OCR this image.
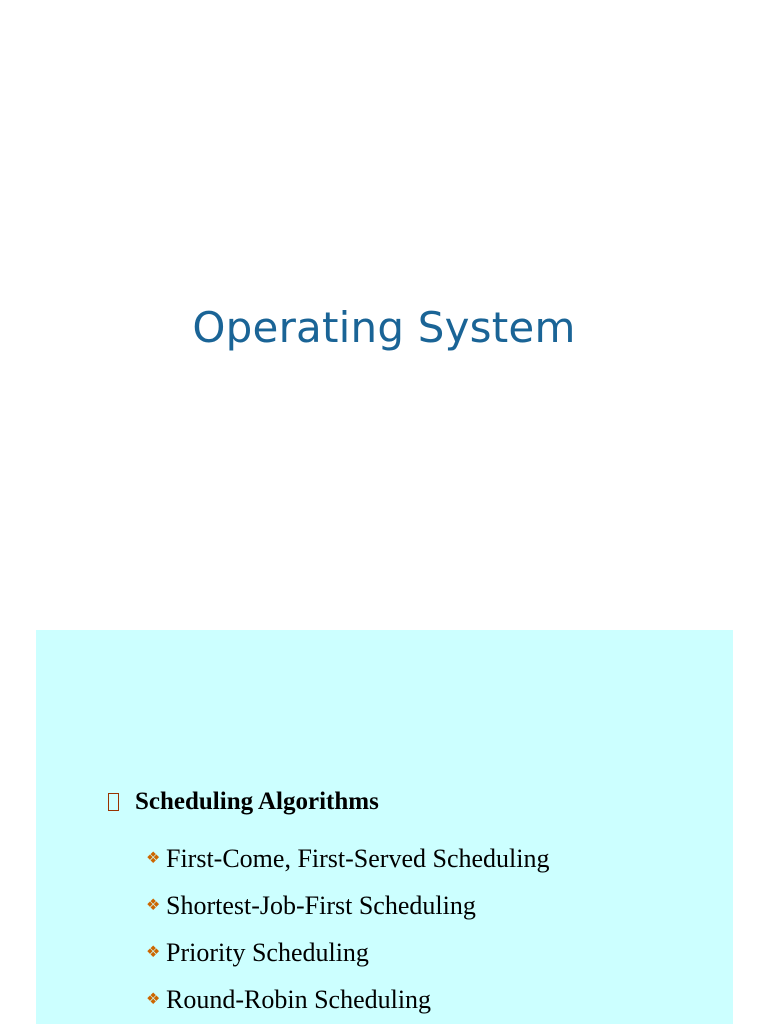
Operating System
Scheduling Algorithms
❖ First-Come, First-Served Scheduling
❖ Shortest-Job-First Scheduling
❖ Priority Scheduling
❖ Round-Robin Scheduling
